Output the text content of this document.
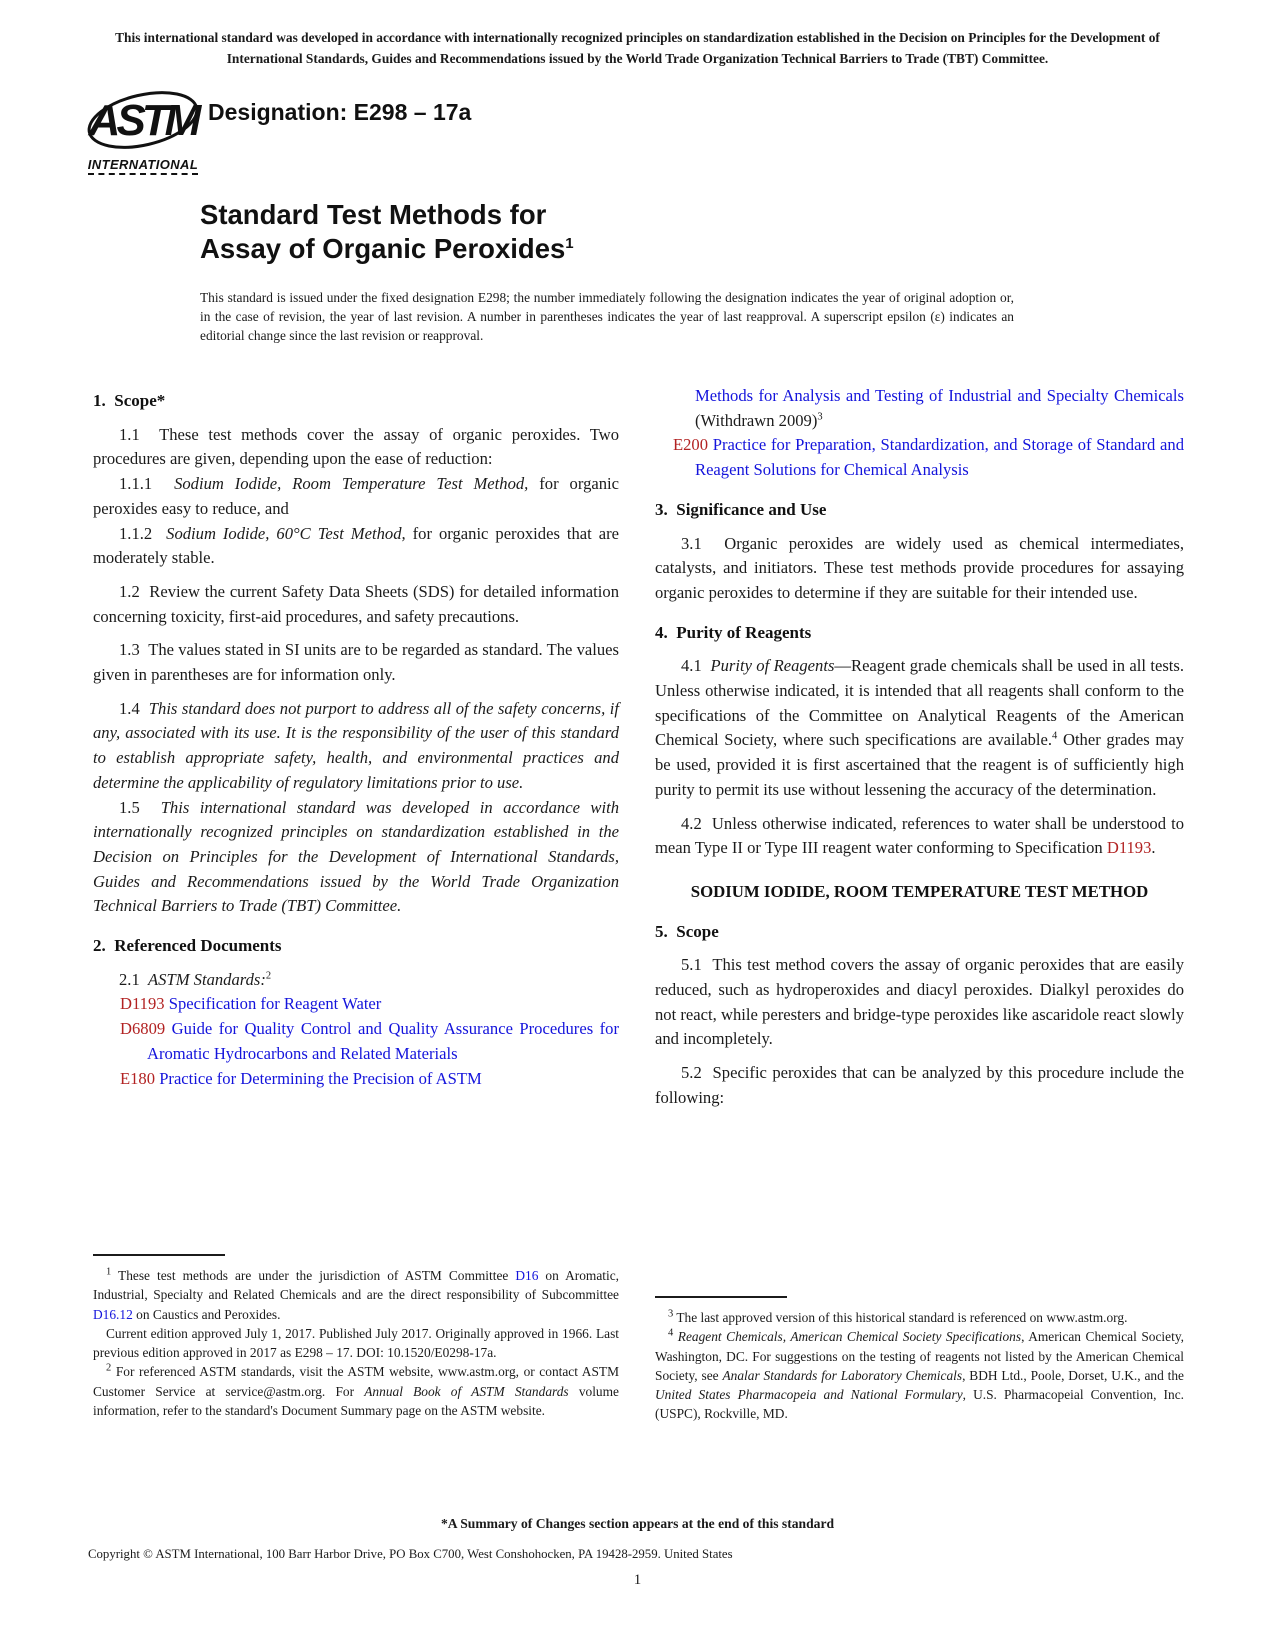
This international standard was developed in accordance with internationally recognized principles on standardization established in the Decision on Principles for the Development of International Standards, Guides and Recommendations issued by the World Trade Organization Technical Barriers to Trade (TBT) Committee.
ASTM
INTERNATIONAL
Designation: E298 – 17a
Standard Test Methods for
Assay of Organic Peroxides$^1$
This standard is issued under the fixed designation E298; the number immediately following the designation indicates the year of original adoption or, in the case of revision, the year of last revision. A number in parentheses indicates the year of last reapproval. A superscript epsilon (ε) indicates an editorial change since the last revision or reapproval.
1.  Scope*

1.1  These test methods cover the assay of organic peroxides. Two procedures are given, depending upon the ease of reduction:

1.1.1  Sodium Iodide, Room Temperature Test Method, for organic peroxides easy to reduce, and

1.1.2  Sodium Iodide, 60°C Test Method, for organic peroxides that are moderately stable.

1.2  Review the current Safety Data Sheets (SDS) for detailed information concerning toxicity, first-aid procedures, and safety precautions.

1.3  The values stated in SI units are to be regarded as standard. The values given in parentheses are for information only.

1.4  This standard does not purport to address all of the safety concerns, if any, associated with its use. It is the responsibility of the user of this standard to establish appropriate safety, health, and environmental practices and determine the applicability of regulatory limitations prior to use.

1.5  This international standard was developed in accordance with internationally recognized principles on standardization established in the Decision on Principles for the Development of International Standards, Guides and Recommendations issued by the World Trade Organization Technical Barriers to Trade (TBT) Committee.

2.  Referenced Documents

2.1  ASTM Standards:$^2$

D1193 Specification for Reagent Water
D6809 Guide for Quality Control and Quality Assurance Procedures for Aromatic Hydrocarbons and Related Materials
E180 Practice for Determining the Precision of ASTM

$^1$ These test methods are under the jurisdiction of ASTM Committee D16 on Aromatic, Industrial, Specialty and Related Chemicals and are the direct responsibility of Subcommittee D16.12 on Caustics and Peroxides.

Current edition approved July 1, 2017. Published July 2017. Originally approved in 1966. Last previous edition approved in 2017 as E298 – 17. DOI: 10.1520/E0298-17a.

$^2$ For referenced ASTM standards, visit the ASTM website, www.astm.org, or contact ASTM Customer Service at service@astm.org. For Annual Book of ASTM Standards volume information, refer to the standard's Document Summary page on the ASTM website.

Methods for Analysis and Testing of Industrial and Specialty Chemicals (Withdrawn 2009)$^3$
E200 Practice for Preparation, Standardization, and Storage of Standard and Reagent Solutions for Chemical Analysis
3.  Significance and Use

3.1  Organic peroxides are widely used as chemical intermediates, catalysts, and initiators. These test methods provide procedures for assaying organic peroxides to determine if they are suitable for their intended use.

4.  Purity of Reagents

4.1  Purity of Reagents—Reagent grade chemicals shall be used in all tests. Unless otherwise indicated, it is intended that all reagents shall conform to the specifications of the Committee on Analytical Reagents of the American Chemical Society, where such specifications are available.$^4$ Other grades may be used, provided it is first ascertained that the reagent is of sufficiently high purity to permit its use without lessening the accuracy of the determination.

4.2  Unless otherwise indicated, references to water shall be understood to mean Type II or Type III reagent water conforming to Specification D1193.

SODIUM IODIDE, ROOM TEMPERATURE TEST METHOD
5.  Scope

5.1  This test method covers the assay of organic peroxides that are easily reduced, such as hydroperoxides and diacyl peroxides. Dialkyl peroxides do not react, while peresters and bridge-type peroxides like ascaridole react slowly and incompletely.

5.2  Specific peroxides that can be analyzed by this procedure include the following:

$^3$ The last approved version of this historical standard is referenced on www.astm.org.

$^4$ Reagent Chemicals, American Chemical Society Specifications, American Chemical Society, Washington, DC. For suggestions on the testing of reagents not listed by the American Chemical Society, see Analar Standards for Laboratory Chemicals, BDH Ltd., Poole, Dorset, U.K., and the United States Pharmacopeia and National Formulary, U.S. Pharmacopeial Convention, Inc. (USPC), Rockville, MD.

*A Summary of Changes section appears at the end of this standard
Copyright © ASTM International, 100 Barr Harbor Drive, PO Box C700, West Conshohocken, PA 19428-2959. United States
1
